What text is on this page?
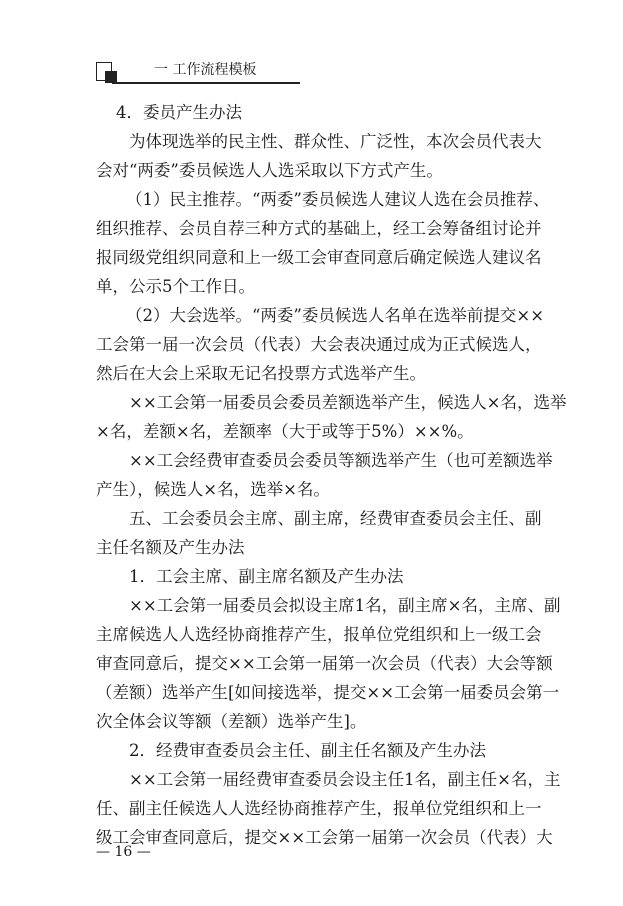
一 工作流程模板
4．委员产生办法
为体现选举的民主性、群众性、广泛性，本次会员代表大
会对“两委”委员候选人人选采取以下方式产生。
（1）民主推荐。“两委”委员候选人建议人选在会员推荐、
组织推荐、会员自荐三种方式的基础上，经工会筹备组讨论并
报同级党组织同意和上一级工会审查同意后确定候选人建议名
单，公示5个工作日。
（2）大会选举。“两委”委员候选人名单在选举前提交××
工会第一届一次会员（代表）大会表决通过成为正式候选人，
然后在大会上采取无记名投票方式选举产生。
××工会第一届委员会委员差额选举产生，候选人×名，选举
×名，差额×名，差额率（大于或等于5%）××%。
××工会经费审查委员会委员等额选举产生（也可差额选举
产生），候选人×名，选举×名。
五、工会委员会主席、副主席，经费审查委员会主任、副
主任名额及产生办法
1．工会主席、副主席名额及产生办法
××工会第一届委员会拟设主席1名，副主席×名，主席、副
主席候选人人选经协商推荐产生，报单位党组织和上一级工会
审查同意后，提交××工会第一届第一次会员（代表）大会等额
（差额）选举产生[如间接选举，提交××工会第一届委员会第一
次全体会议等额（差额）选举产生]。
2．经费审查委员会主任、副主任名额及产生办法
××工会第一届经费审查委员会设主任1名，副主任×名，主
任、副主任候选人人选经协商推荐产生，报单位党组织和上一
级工会审查同意后，提交××工会第一届第一次会员（代表）大
— 16 —
